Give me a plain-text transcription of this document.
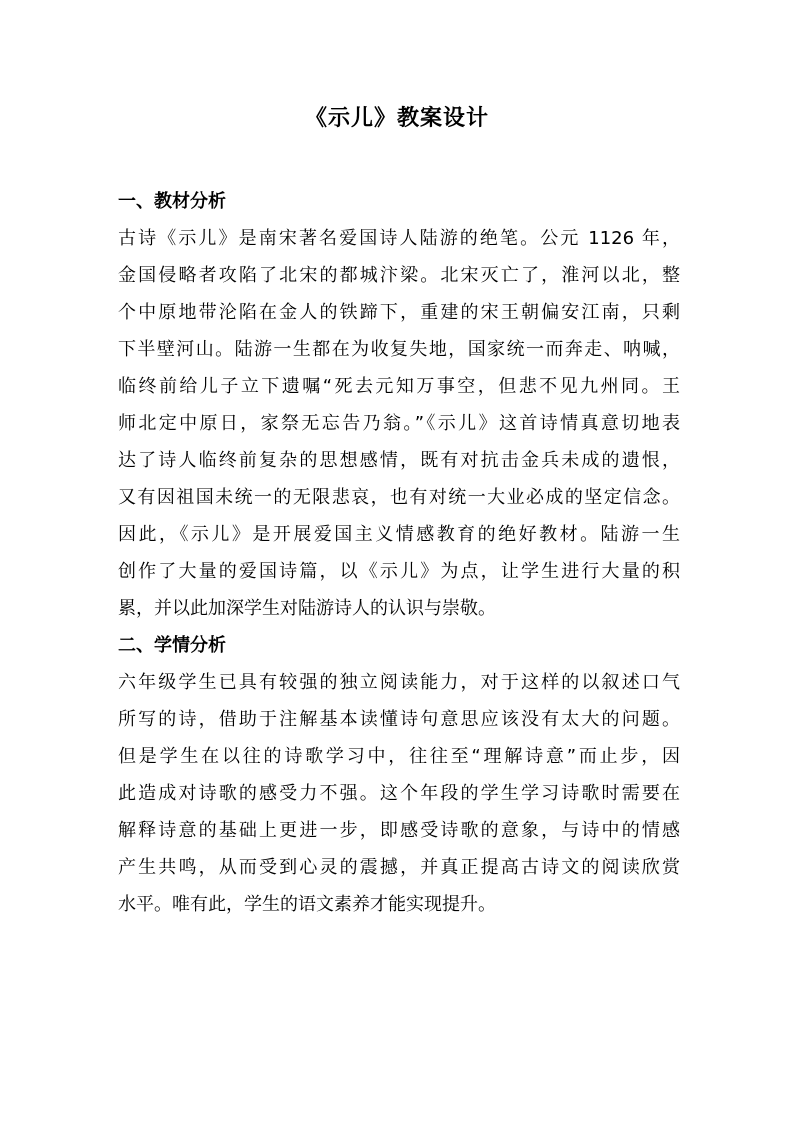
《示儿》教案设计
一、教材分析
古诗《示儿》是南宋著名爱国诗人陆游的绝笔。公元 1126 年，
金国侵略者攻陷了北宋的都城汴梁。北宋灭亡了，淮河以北，整
个中原地带沦陷在金人的铁蹄下，重建的宋王朝偏安江南，只剩
下半壁河山。陆游一生都在为收复失地，国家统一而奔走、呐喊，
临终前给儿子立下遗嘱“死去元知万事空，但悲不见九州同。王
师北定中原日，家祭无忘告乃翁。”《示儿》这首诗情真意切地表
达了诗人临终前复杂的思想感情，既有对抗击金兵未成的遗恨，
又有因祖国未统一的无限悲哀，也有对统一大业必成的坚定信念。
因此，《示儿》是开展爱国主义情感教育的绝好教材。陆游一生
创作了大量的爱国诗篇，以《示儿》为点，让学生进行大量的积
累，并以此加深学生对陆游诗人的认识与崇敬。
二、学情分析
六年级学生已具有较强的独立阅读能力，对于这样的以叙述口气
所写的诗，借助于注解基本读懂诗句意思应该没有太大的问题。
但是学生在以往的诗歌学习中，往往至“理解诗意”而止步，因
此造成对诗歌的感受力不强。这个年段的学生学习诗歌时需要在
解释诗意的基础上更进一步，即感受诗歌的意象，与诗中的情感
产生共鸣，从而受到心灵的震撼，并真正提高古诗文的阅读欣赏
水平。唯有此，学生的语文素养才能实现提升。
